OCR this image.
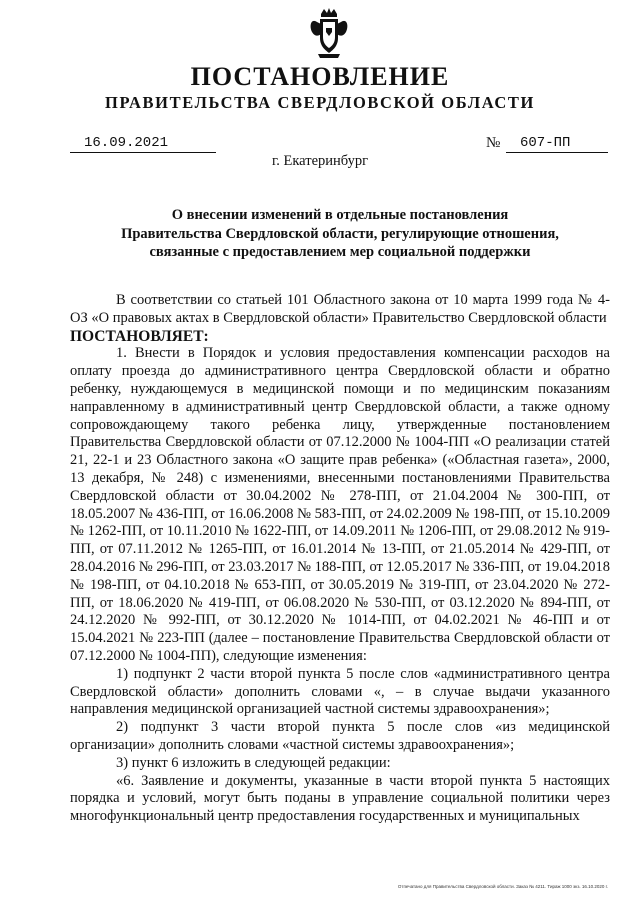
ПОСТАНОВЛЕНИЕ
ПРАВИТЕЛЬСТВА СВЕРДЛОВСКОЙ ОБЛАСТИ
16.09.2021	№	607-ПП
г. Екатеринбург
О внесении изменений в отдельные постановления
Правительства Свердловской области, регулирующие отношения,
связанные с предоставлением мер социальной поддержки

В соответствии со статьей 101 Областного закона от 10 марта 1999 года № 4-ОЗ «О правовых актах в Свердловской области» Правительство Свердловской области

ПОСТАНОВЛЯЕТ:

1. Внести в Порядок и условия предоставления компенсации расходов на оплату проезда до административного центра Свердловской области и обратно ребенку, нуждающемуся в медицинской помощи и по медицинским показаниям направленному в административный центр Свердловской области, а также одному сопровождающему такого ребенка лицу, утвержденные постановлением Правительства Свердловской области от 07.12.2000 № 1004-ПП «О реализации статей 21, 22-1 и 23 Областного закона «О защите прав ребенка» («Областная газета», 2000, 13 декабря, № 248) с изменениями, внесенными постановлениями Правительства Свердловской области от 30.04.2002 № 278-ПП, от 21.04.2004 № 300-ПП, от 18.05.2007 № 436-ПП, от 16.06.2008 № 583-ПП, от 24.02.2009 № 198-ПП, от 15.10.2009 № 1262-ПП, от 10.11.2010 № 1622-ПП, от 14.09.2011 № 1206-ПП, от 29.08.2012 № 919-ПП, от 07.11.2012 № 1265-ПП, от 16.01.2014 № 13-ПП, от 21.05.2014 № 429-ПП, от 28.04.2016 № 296-ПП, от 23.03.2017 № 188-ПП, от 12.05.2017 № 336-ПП, от 19.04.2018 № 198-ПП, от 04.10.2018 № 653-ПП, от 30.05.2019 № 319-ПП, от 23.04.2020 № 272-ПП, от 18.06.2020 № 419-ПП, от 06.08.2020 № 530-ПП, от 03.12.2020 № 894-ПП, от 24.12.2020 № 992-ПП, от 30.12.2020 № 1014-ПП, от 04.02.2021 № 46-ПП и от 15.04.2021 № 223-ПП (далее – постановление Правительства Свердловской области от 07.12.2000 № 1004-ПП), следующие изменения:

1) подпункт 2 части второй пункта 5 после слов «административного центра Свердловской области» дополнить словами «, – в случае выдачи указанного направления медицинской организацией частной системы здравоохранения»;

2) подпункт 3 части второй пункта 5 после слов «из медицинской организации» дополнить словами «частной системы здравоохранения»;

3) пункт 6 изложить в следующей редакции:

«6. Заявление и документы, указанные в части второй пункта 5 настоящих порядка и условий, могут быть поданы в управление социальной политики через многофункциональный центр предоставления государственных и муниципальных

Отпечатано для Правительства Свердловской области. Заказ № 4211. Тираж 1000 экз. 16.10.2020 г.
